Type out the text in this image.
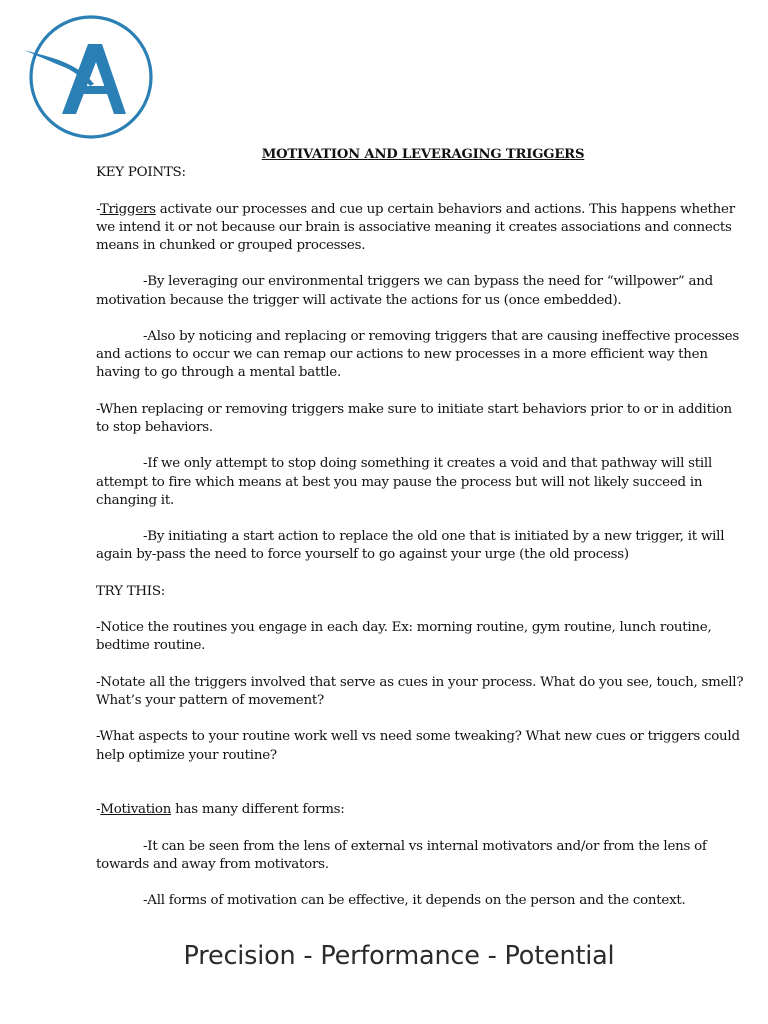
MOTIVATION AND LEVERAGING TRIGGERS
KEY POINTS:
-Triggers activate our processes and cue up certain behaviors and actions. This happens whether we intend it or not because our brain is associative meaning it creates associations and connects means in chunked or grouped processes.
-By leveraging our environmental triggers we can bypass the need for “willpower” and motivation because the trigger will activate the actions for us (once embedded).
-Also by noticing and replacing or removing triggers that are causing ineffective processes and actions to occur we can remap our actions to new processes in a more efficient way then having to go through a mental battle.
-When replacing or removing triggers make sure to initiate start behaviors prior to or in addition to stop behaviors.
-If we only attempt to stop doing something it creates a void and that pathway will still attempt to fire which means at best you may pause the process but will not likely succeed in changing it.
-By initiating a start action to replace the old one that is initiated by a new trigger, it will again by-pass the need to force yourself to go against your urge (the old process)
TRY THIS:
-Notice the routines you engage in each day. Ex: morning routine, gym routine, lunch routine, bedtime routine.
-Notate all the triggers involved that serve as cues in your process. What do you see, touch, smell? What’s your pattern of movement?
-What aspects to your routine work well vs need some tweaking? What new cues or triggers could help optimize your routine?
-Motivation has many different forms:
-It can be seen from the lens of external vs internal motivators and/or from the lens of towards and away from motivators.
-All forms of motivation can be effective, it depends on the person and the context.
Precision - Performance - Potential
